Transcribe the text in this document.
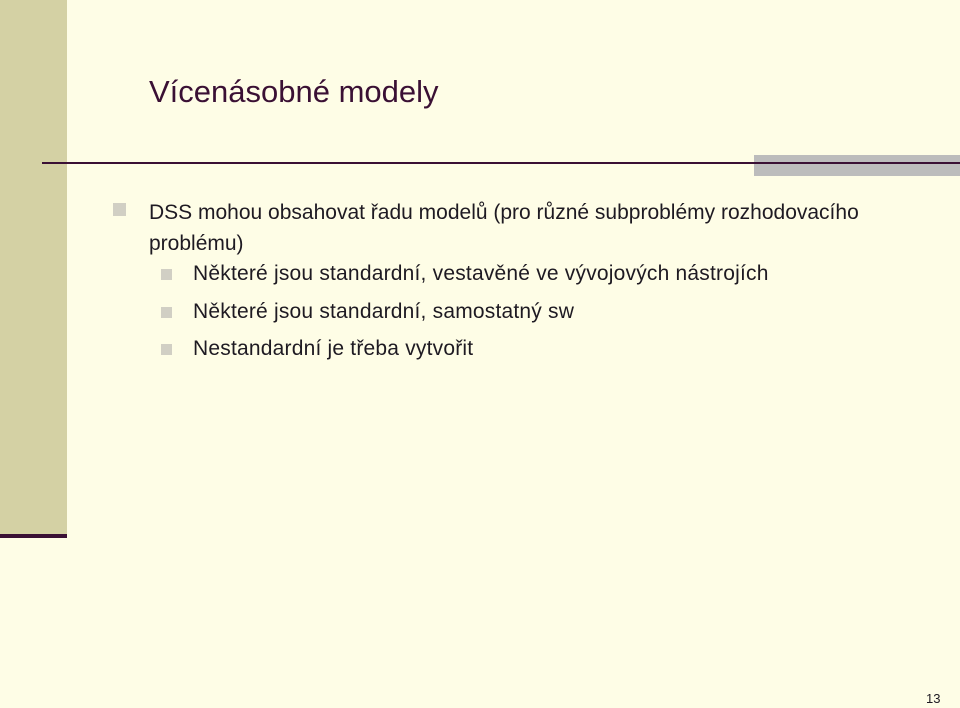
Vícenásobné modely
DSS mohou obsahovat řadu modelů (pro různé subproblémy rozhodovacího problému)
Některé jsou standardní, vestavěné ve vývojových nástrojích
Některé jsou standardní, samostatný sw
Nestandardní je třeba vytvořit
13
